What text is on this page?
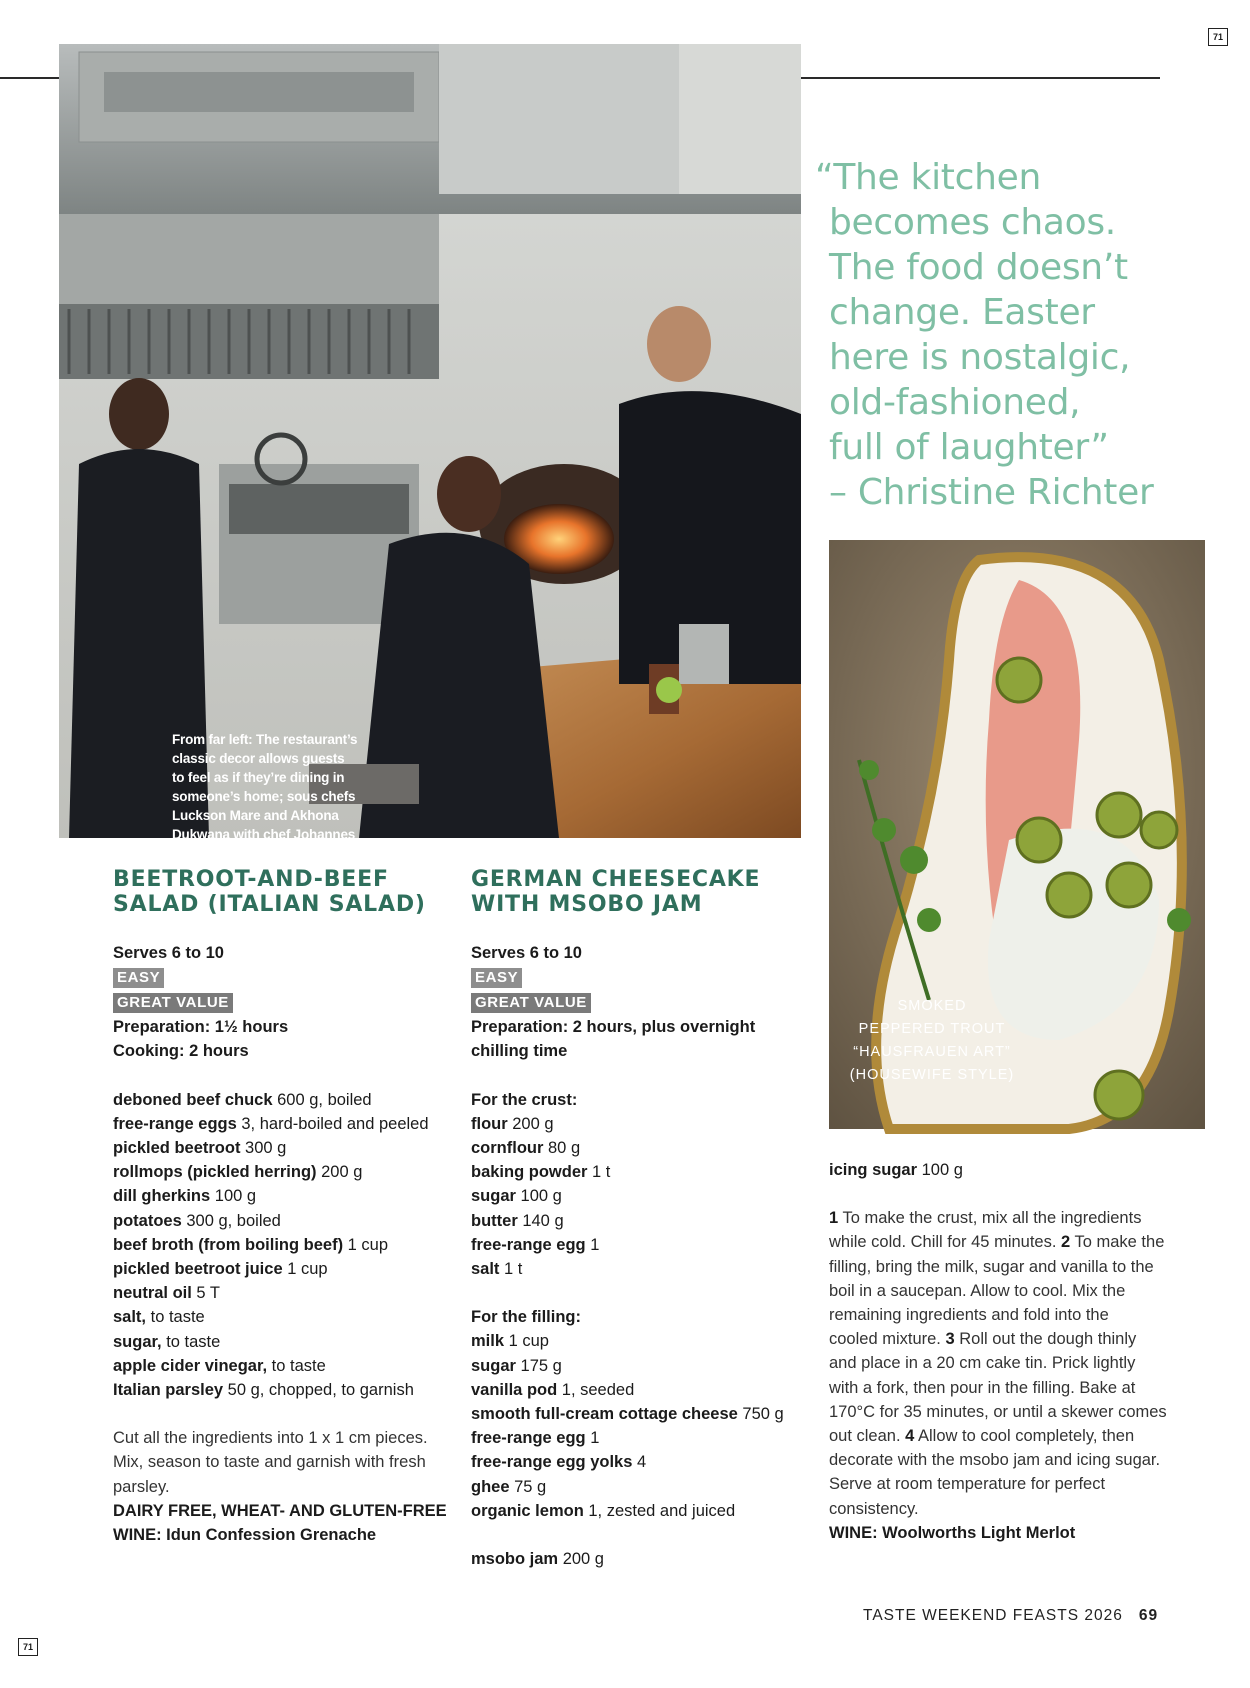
71
From far left: The restaurant’s
classic decor allows guests
to feel as if they’re dining in
someone’s home; sous chefs
Luckson Mare and Akhona
Dukwana with chef Johannes
in The LivingRoom’s kitchen.
“The kitchen
becomes chaos.
The food doesn’t
change. Easter
here is nostalgic,
old-fashioned,
full of laughter”
– Christine Richter
SMOKED
PEPPERED TROUT
“HAUSFRAUEN ART”
(HOUSEWIFE STYLE)
BEETROOT-AND-BEEF
SALAD (ITALIAN SALAD)
GERMAN CHEESECAKE
WITH MSOBO JAM
Serves 6 to 10
EASY
GREAT VALUE
Preparation: 1½ hours
Cooking: 2 hours
deboned beef chuck 600 g, boiled
free-range eggs 3, hard-boiled and peeled
pickled beetroot 300 g
rollmops (pickled herring) 200 g
dill gherkins 100 g
potatoes 300 g, boiled
beef broth (from boiling beef) 1 cup
pickled beetroot juice 1 cup
neutral oil 5 T
salt, to taste
sugar, to taste
apple cider vinegar, to taste
Italian parsley 50 g, chopped, to garnish
Cut all the ingredients into 1 x 1 cm pieces.
Mix, season to taste and garnish with fresh
parsley.
DAIRY FREE, WHEAT- AND GLUTEN-FREE
WINE: Idun Confession Grenache
Serves 6 to 10
EASY
GREAT VALUE
Preparation: 2 hours, plus overnight
chilling time
For the crust:
flour 200 g
cornflour 80 g
baking powder 1 t
sugar 100 g
butter 140 g
free-range egg 1
salt 1 t
For the filling:
milk 1 cup
sugar 175 g
vanilla pod 1, seeded
smooth full-cream cottage cheese 750 g
free-range egg 1
free-range egg yolks 4
ghee 75 g
organic lemon 1, zested and juiced
msobo jam 200 g
icing sugar 100 g
1 To make the crust, mix all the ingredients
while cold. Chill for 45 minutes. 2 To make the
filling, bring the milk, sugar and vanilla to the
boil in a saucepan. Allow to cool. Mix the
remaining ingredients and fold into the
cooled mixture. 3 Roll out the dough thinly
and place in a 20 cm cake tin. Prick lightly
with a fork, then pour in the filling. Bake at
170°C for 35 minutes, or until a skewer comes
out clean. 4 Allow to cool completely, then
decorate with the msobo jam and icing sugar.
Serve at room temperature for perfect
consistency.
WINE: Woolworths Light Merlot
TASTE WEEKEND FEASTS 2026 69
71
